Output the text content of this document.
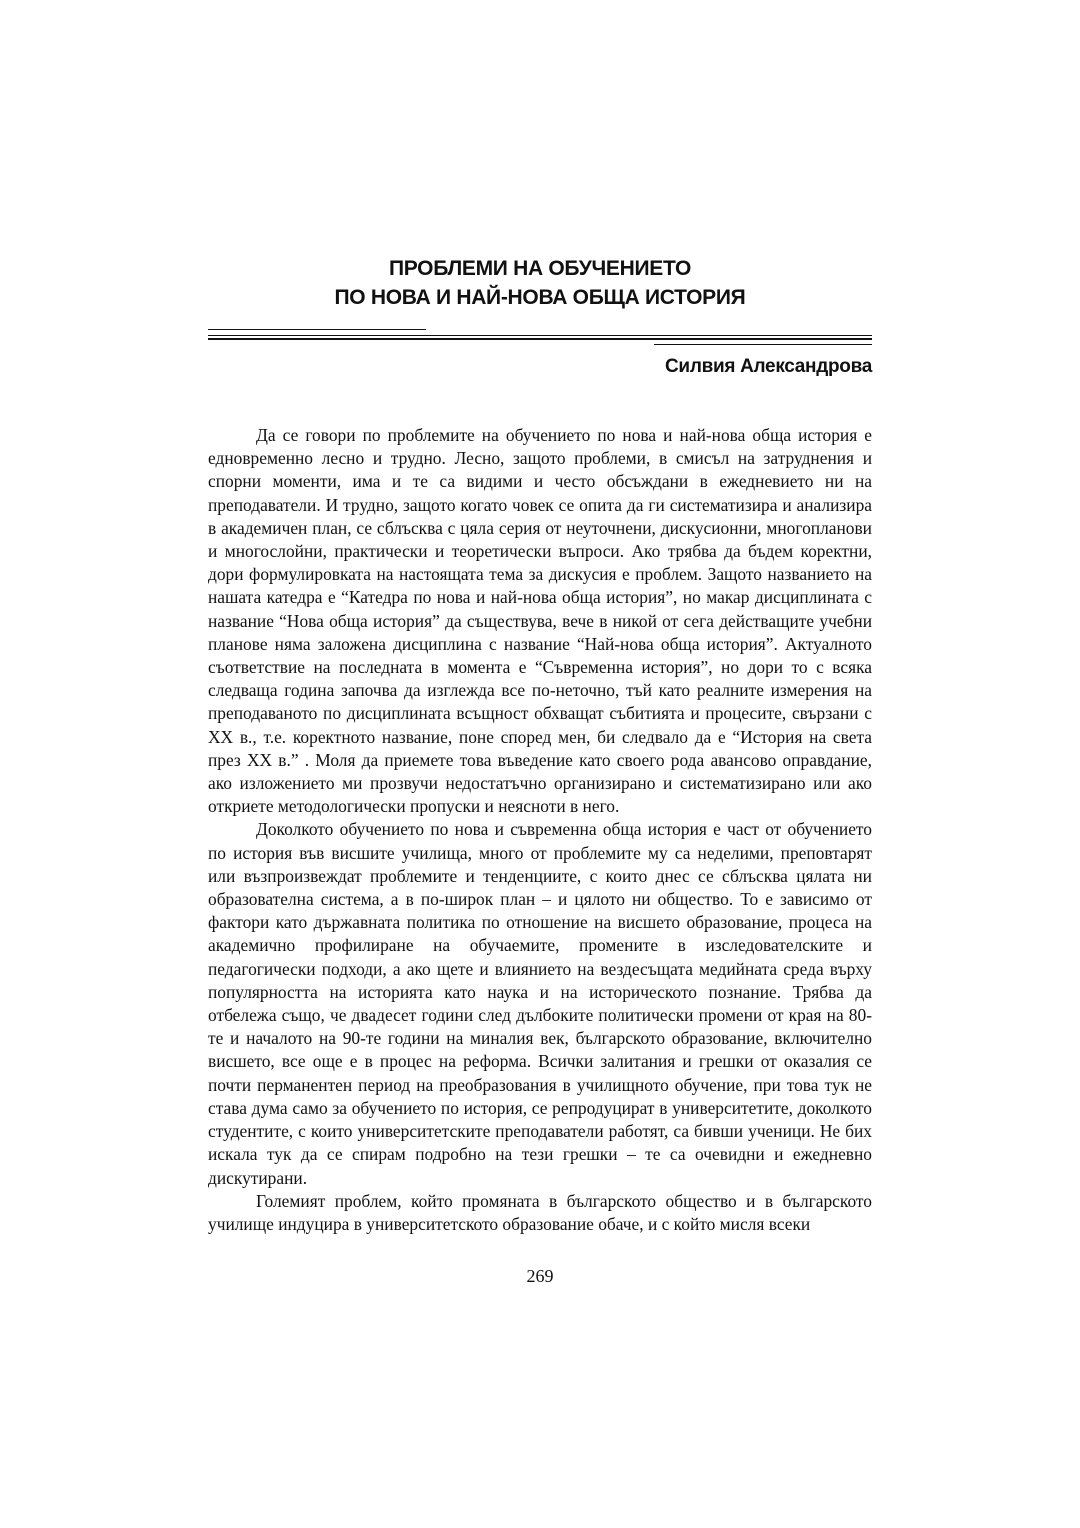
ПРОБЛЕМИ НА ОБУЧЕНИЕТО
ПО НОВА И НАЙ-НОВА ОБЩА ИСТОРИЯ
Силвия Александрова

Да се говори по проблемите на обучението по нова и най-нова обща история е едновременно лесно и трудно. Лесно, защото проблеми, в смисъл на затруднения и спорни моменти, има и те са видими и често обсъждани в ежедневието ни на преподаватели. И трудно, защото когато човек се опита да ги систематизира и анализира в академичен план, се сблъсква с цяла серия от неуточнени, дискусионни, многопланови и многослойни, практически и теоретически въпроси. Ако трябва да бъдем коректни, дори формулировката на настоящата тема за дискусия е проблем. Защото названието на нашата катедра е “Катедра по нова и най-нова обща история”, но макар дисциплината с название “Нова обща история” да съществува, вече в никой от сега действащите учебни планове няма заложена дисциплина с название “Най-нова обща история”. Актуалното съответствие на последната в момента е “Съвременна история”, но дори то с всяка следваща година започва да изглежда все по-неточно, тъй като реалните измерения на преподаваното по дисциплината всъщност обхващат събитията и процесите, свързани с XX в., т.е. коректното название, поне според мен, би следвало да е “История на света през XX в.” . Моля да приемете това въведение като своего рода авансово оправдание, ако изложението ми прозвучи недостатъчно организирано и систематизирано или ако откриете методологически пропуски и неясноти в него.

Доколкото обучението по нова и съвременна обща история е част от обучението по история във висшите училища, много от проблемите му са неделими, преповтарят или възпроизвеждат проблемите и тенденциите, с които днес се сблъсква цялата ни образователна система, а в по-широк план – и цялото ни общество. То е зависимо от фактори като държавната политика по отношение на висшето образование, процеса на академично профилиране на обучаемите, промените в изследователските и педагогически подходи, а ако щете и влиянието на вездесъщата медийната среда върху популярността на историята като наука и на историческото познание. Трябва да отбележа също, че двадесет години след дълбоките политически промени от края на 80-те и началото на 90-те години на миналия век, българското образование, включително висшето, все още е в процес на реформа. Всички залитания и грешки от оказалия се почти перманентен период на преобразования в училищното обучение, при това тук не става дума само за обучението по история, се репродуцират в университетите, доколкото студентите, с които университетските преподаватели работят, са бивши ученици. Не бих искала тук да се спирам подробно на тези грешки – те са очевидни и ежедневно дискутирани.

Големият проблем, който промяната в българското общество и в българското училище индуцира в университетското образование обаче, и с който мисля всеки

269
